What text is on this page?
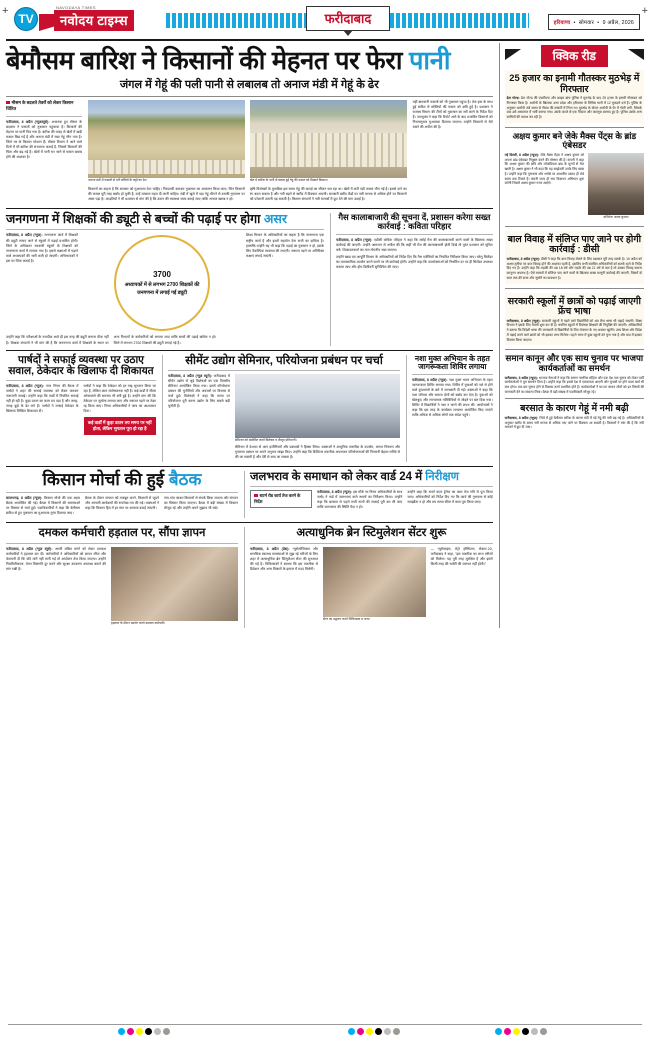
+	+
TV	नवोदय टाइम्स
NAVODAYA TIMES
फरीदाबाद	हरियाणा  •  सोमवार  •  9 अप्रैल, 2026
बेमौसम बारिश ने किसानों की मेहनत पर फेरा पानी
जंगल में गेहूं की पली पानी से लबालब तो अनाज मंडी में गेहूं के ढेर
मौसम के बदलते तेवरों को लेकर किसान चिंतित

फरीदाबाद, 8 अप्रैल (न्यूज़ब्यूरो): अचानक हुए मौसम के बदलाव ने फसलों को नुकसान पहुंचाया है। किसानों की मेहनत पर पानी फिर गया है। बारिश की वजह से खेतों में खड़ी फसल बिछ गई है और अनाज मंडी में रखा गेहूं भीग गया है। जिले भर के किसान परेशान हैं। मौसम विभाग ने आने वाले दिनों में भी बारिश की संभावना जताई है, जिससे किसानों की चिंता और बढ़ गई है। खेतों में पानी भर जाने से फसल खराब होने की आशंका है।

अनाज मंडी में फसलों से भरी बोरियों के कट्टों का ढेर।	खेत में बारिश के पानी से खराब हुई गेहूं की फसल को दिखाते किसान।

किसानों का कहना है कि सरकार को मुआवजा देना चाहिए। गिरदावरी कराकर नुकसान का आकलन किया जाए। जिन किसानों की फसल पूरी तरह बर्बाद हो चुकी है, उन्हें तत्काल राहत दी जानी चाहिए। मंडी में खुले में पड़ा गेहूं भीगने से उसकी गुणवत्ता पर असर पड़ा है। आढ़तियों ने भी प्रशासन से मांग की है कि उठान की व्यवस्था जल्द कराई जाए ताकि अनाज खराब न हो।

कृषि विशेषज्ञों के मुताबिक इस समय गेहूं की कटाई का सीजन चल रहा था। खेतों में कटी पड़ी फसल भीग गई है। इससे दाने का रंग बदल सकता है और नमी बढ़ने से खरीद में दिक्कत आएगी। सरकारी खरीद केंद्रों पर नमी मानक से अधिक होने पर किसानों को परेशानी उठानी पड़ सकती है। किसान संगठनों ने नमी मानकों में छूट देने की मांग उठाई है।

वहीं बागवानी फसलों को भी नुकसान पहुंचा है। तेज हवा के साथ हुई बारिश से सब्जियों की फसल को क्षति हुई है। प्रशासन ने राजस्व विभाग की टीमों को नुकसान का सर्वे करने के निर्देश दिए हैं। उपायुक्त ने कहा कि रिपोर्ट आने के बाद प्रभावित किसानों को नियमानुसार मुआवजा दिलाया जाएगा। उन्होंने किसानों से धैर्य रखने की अपील की है।

जनगणना में शिक्षकों की ड्यूटी से बच्चों की पढ़ाई पर होगा असर

फरीदाबाद, 8 अप्रैल (न्यूज़): जनगणना कार्य में शिक्षकों की ड्यूटी लगाए जाने से स्कूलों में पढ़ाई प्रभावित होगी। जिले के अधिकतर सरकारी स्कूलों के शिक्षकों को जनगणना कार्य में लगाया गया है। इससे कक्षाओं में पढ़ाने वाले अध्यापकों की भारी कमी हो जाएगी। अभिभावकों ने इस पर चिंता जताई है।

3700
अध्यापकों में से लगभग 2700 शिक्षकों की जनगणना में लगाई गई ड्यूटी

शिक्षा विभाग के अधिकारियों का कहना है कि जनगणना एक राष्ट्रीय कार्य है और इसमें सहयोग देना सभी का दायित्व है। हालांकि उन्होंने यह भी कहा कि पढ़ाई का नुकसान न हो, इसके लिए वैकल्पिक व्यवस्था की जाएगी। जरूरत पड़ने पर अतिरिक्त कक्षाएं लगाई जाएंगी।

उन्होंने कहा कि परीक्षाओं के नजदीक आते ही इस तरह की ड्यूटी लगाना ठीक नहीं है। शिक्षक संगठनों ने भी मांग की है कि जनगणना कार्य में शिक्षकों के स्थान पर अन्य विभागों के कर्मचारियों को लगाया जाए ताकि बच्चों की पढ़ाई बाधित न हो। जिले में लगभग 2700 शिक्षकों की ड्यूटी लगाई गई है।

गैस कालाबाजारी की सूचना दें, प्रशासन करेगा सख्त कार्रवाई : कविता परिहार

फरीदाबाद, 8 अप्रैल (न्यूज़): एडीसी कविता परिहार ने कहा कि रसोई गैस की कालाबाजारी करने वालों के खिलाफ सख्त कार्रवाई की जाएगी। उन्होंने आमजन से अपील की कि कहीं भी गैस की कालाबाजारी होती दिखे तो तुरंत प्रशासन को सूचित करें। शिकायतकर्ता का नाम गोपनीय रखा जाएगा।

उन्होंने खाद्य एवं आपूर्ति विभाग के अधिकारियों को निर्देश दिए कि गैस एजेंसियों का नियमित निरीक्षण किया जाए। घरेलू सिलेंडर का व्यावसायिक उपयोग करने वालों पर भी कार्रवाई होगी। उन्होंने कहा कि उपभोक्ताओं को निर्धारित दर पर ही सिलेंडर उपलब्ध कराया जाए और होम डिलीवरी सुनिश्चित की जाए।

पार्षदों ने सफाई व्यवस्था पर उठाए सवाल, ठेकेदार के खिलाफ दी शिकायत

फरीदाबाद, 8 अप्रैल (न्यूज़): नगर निगम की बैठक में पार्षदों ने शहर की सफाई व्यवस्था को लेकर जमकर नाराजगी जताई। उन्होंने कहा कि वार्डों में नियमित सफाई नहीं हो रही है। कूड़ा उठान का काम ठप पड़ा है और जगह-जगह कूड़े के ढेर लगे हैं। पार्षदों ने सफाई ठेकेदार के खिलाफ लिखित शिकायत दी।

पार्षदों ने कहा कि ठेकेदार को हर माह भुगतान किया जा रहा है, लेकिन काम संतोषजनक नहीं है। कई वार्डों में सीवर ओवरफ्लो की समस्या भी बनी हुई है। उन्होंने मांग की कि ठेकेदार पर जुर्माना लगाया जाए और जरूरत पड़ने पर ठेका रद्द किया जाए। निगम अधिकारियों ने जांच का आश्वासन दिया।

कई वार्डों में कूड़ा उठान तय समय पर नहीं होता, लेकिन भुगतान पूरा हो रहा है
सीमेंट उद्योग सेमिनार, परियोजना प्रबंधन पर चर्चा

फरीदाबाद, 8 अप्रैल (न्यूज़ ब्यूरो): फरीदाबाद में सीमेंट उद्योग से जुड़े विशेषज्ञों का एक दिवसीय सेमिनार आयोजित किया गया। इसमें परियोजना प्रबंधन की चुनौतियों और अवसरों पर विस्तार से चर्चा हुई। विशेषज्ञों ने कहा कि समय पर परियोजना पूरी करना उद्योग के लिए सबसे बड़ी चुनौती है।

सेमिनार को संबोधित करते विशेषज्ञ व मौजूद प्रतिभागी।

सेमिनार में देशभर से आए इंजीनियरों और प्रबंधकों ने हिस्सा लिया। वक्ताओं ने आधुनिक तकनीक के उपयोग, लागत नियंत्रण और गुणवत्ता प्रबंधन पर अपने अनुभव साझा किए। उन्होंने कहा कि डिजिटल तकनीक अपनाकर परियोजनाओं की निगरानी बेहतर तरीके से की जा सकती है और देरी से बचा जा सकता है।

नशा मुक्त अभियान के तहत जागरूकता शिविर लगाया

फरीदाबाद, 8 अप्रैल (न्यूज़): नशा मुक्त भारत अभियान के तहत जागरूकता शिविर लगाया गया। शिविर में युवाओं को नशे से होने वाले दुष्प्रभावों के बारे में जानकारी दी गई। वक्ताओं ने कहा कि नशा परिवार और समाज दोनों को बर्बाद कर देता है। युवाओं को खेलकूद और रचनात्मक गतिविधियों से जोड़ने पर बल दिया गया। शिविर में विद्यार्थियों ने नशा न करने की शपथ ली। आयोजकों ने कहा कि इस तरह के कार्यक्रम लगातार आयोजित किए जाएंगे ताकि अधिक से अधिक लोगों तक संदेश पहुंचे।

किसान मोर्चा की हुई बैठक

बल्लभगढ़, 8 अप्रैल (न्यूज़): किसान मोर्चा की एक अहम बैठक आयोजित की गई। बैठक में किसानों की समस्याओं पर विस्तार से चर्चा हुई। पदाधिकारियों ने कहा कि बेमौसम बारिश से हुए नुकसान का मुआवजा तुरंत दिलाया जाए।

बैठक के दौरान संगठन को मजबूत करने, किसानों से जुड़ने और आगामी कार्यक्रमों की रूपरेखा तय की गई। वक्ताओं ने कहा कि किसान हित में हर स्तर पर आवाज उठाई जाएगी।

गांव-गांव जाकर किसानों से संपर्क किया जाएगा और संगठन का विस्तार किया जाएगा। बैठक में बड़ी संख्या में किसान मौजूद रहे और उन्होंने अपने सुझाव भी रखे।

जलभराव के समाधान को लेकर वार्ड 24 में निरीक्षण
स्टार्म रोड कार्य तेज करने के निर्देश

फरीदाबाद, 8 अप्रैल (न्यूज़): इस मौके पर निगम अधिकारियों के साथ पार्षद ने वार्ड में जलभराव वाले स्थानों का निरीक्षण किया। उन्होंने कहा कि बरसात से पहले सभी नालों की सफाई पूरी कर ली जाए ताकि जलभराव की स्थिति पैदा न हो।

उन्होंने कहा कि स्टार्म वाटर ड्रेनेज का काम तेज गति से पूरा किया जाए। अधिकारियों को निर्देश दिए गए कि कार्य की गुणवत्ता से कोई समझौता न हो और तय समय सीमा में काम पूरा किया जाए।

दमकल कर्मचारी हड़ताल पर, सौंपा ज्ञापन

फरीदाबाद, 8 अप्रैल (न्यूज़ ब्यूरो): अपनी लंबित मांगों को लेकर दमकल कर्मचारियों ने हड़ताल कर दी। कर्मचारियों ने अधिकारियों को ज्ञापन सौंपा और चेतावनी दी कि यदि मांगें नहीं मानी गईं तो आंदोलन तेज किया जाएगा। उन्होंने नियमितीकरण, वेतन विसंगति दूर करने और सुरक्षा उपकरण उपलब्ध कराने की मांग रखी है।

हड़ताल के दौरान प्रदर्शन करते दमकल कर्मचारी।
अत्याधुनिक ब्रेन स्टिमुलेशन सेंटर शुरू

फरीदाबाद, 8 अप्रैल (प्रेस): न्यूरोलॉजिकल और मानसिक स्वास्थ्य समस्याओं से जूझ रहे मरीजों के लिए शहर में अत्याधुनिक ब्रेन स्टिमुलेशन सेंटर की शुरुआत की गई है। चिकित्सकों ने बताया कि इस तकनीक से डिप्रेशन और अन्य विकारों के इलाज में मदद मिलेगी।

सेंटर का उद्घाटन करते चिकित्सक व अन्य।

— न्यूरोसाइंस, मेट्रो हॉस्पिटल, सेक्टर-20, फरीदाबाद ने कहा, "इस तकनीक का लाभ मरीजों को मिलेगा। यह पूरी तरह सुरक्षित है और इसमें किसी तरह की सर्जरी की जरूरत नहीं होती।"

क्विक रीड
25 हजार का इनामी गौतस्कर मुठभेड़ में गिरफ्तार

डेटा गोल्ड: डेटा गोल्ड की एसटीएफ और क्राइम ब्रांच पुलिस ने मुठभेड़ के बाद 25 हजार के इनामी गौतस्कर को गिरफ्तार किया है। आरोपी के खिलाफ उत्तर प्रदेश और हरियाणा के विभिन्न थानों में 12 मुकदमे दर्ज हैं। पुलिस के अनुसार आरोपी लंबे समय से गौवंश की तस्करी में लिप्त था। मुठभेड़ के दौरान आरोपी के पैर में गोली लगी, जिसके बाद उसे अस्पताल में भर्ती कराया गया। उसके कब्जे से एक पिस्टल और कारतूस बरामद हुए हैं। पुलिस उसके अन्य साथियों की तलाश कर रही है।

अक्षय कुमार बने जेके मैक्स पेंट्स के ब्रांड एंबेसडर

नई दिल्ली, 8 अप्रैल (न्यूज़): जेके मैक्स पेंट्स ने अक्षय कुमार को अपना ब्रांड एंबेसडर नियुक्त करने की घोषणा की है। कंपनी ने कहा कि अक्षय कुमार की छवि और लोकप्रियता ब्रांड के मूल्यों से मेल खाती है। अक्षय कुमार ने भी कहा कि यह साझेदारी उनके लिए खास है। उन्होंने कहा कि गुणवत्ता और भरोसे पर आधारित उत्पाद ही लंबे समय तक टिकते हैं। कंपनी जल्द ही नया विज्ञापन अभियान शुरू करेगी जिसमें अक्षय कुमार नजर आएंगे।

अभिनेता अक्षय कुमार।
बाल विवाह में संलिप्त पाए जाने पर होगी कार्रवाई : डीसी

फरीदाबाद, 8 अप्रैल (न्यूज़): डीसी ने कहा कि बाल विवाह रोकने के लिए प्रशासन पूरी तरह सतर्क है। 19 अप्रैल को अक्षय तृतीया पर बाल विवाह होने की आशंका रहती है, इसलिए सभी संबंधित अधिकारियों को सतर्क रहने के निर्देश दिए गए हैं। उन्होंने कहा कि लड़की की उम्र 18 वर्ष और लड़के की उम्र 21 वर्ष से कम है तो उसका विवाह कराना कानूनन अपराध है। ऐसे मामलों में संलिप्त पाए जाने वालों के खिलाफ सख्त कानूनी कार्रवाई की जाएगी, जिसमें दो साल तक की सजा और जुर्माने का प्रावधान है।

सरकारी स्कूलों में छात्रों को पढ़ाई जाएगी फ्रेंच भाषा

फरीदाबाद, 8 अप्रैल (न्यूज़): सरकारी स्कूलों में पढ़ने वाले विद्यार्थियों को अब फ्रेंच भाषा भी पढ़ाई जाएगी। शिक्षा विभाग ने इसके लिए तैयारी शुरू कर दी है। चयनित स्कूलों में विशेषज्ञ शिक्षकों की नियुक्ति की जाएगी। अधिकारियों ने बताया कि विदेशी भाषा की जानकारी से विद्यार्थियों के लिए रोजगार के नए अवसर खुलेंगे। उच्च शिक्षा और विदेश में पढ़ाई करने वाले छात्रों को भी इसका लाभ मिलेगा। पहले चरण में कुछ स्कूलों को चुना गया है और बाद में इसका विस्तार किया जाएगा।

समान कानून और एक साथ चुनाव पर भाजपा कार्यकर्ताओं का समर्थन

फरीदाबाद, 8 अप्रैल (न्यूज़): भाजपा नेताओं ने कहा कि समान नागरिक संहिता और एक देश एक चुनाव को लेकर पार्टी कार्यकर्ताओं ने पूरा समर्थन दिया है। उन्होंने कहा कि इससे देश में एकरूपता आएगी और चुनावों पर होने वाला खर्च भी कम होगा। बार-बार चुनाव होने से विकास कार्य प्रभावित होते हैं। कार्यकर्ताओं ने घर-घर जाकर लोगों को इन विषयों की जानकारी देने का संकल्प लिया। बैठक में बड़ी संख्या में पदाधिकारी मौजूद रहे।

बरसात के कारण गेहूं में नमी बढ़ी

फरीदाबाद, 8 अप्रैल (न्यूज़): जिले में हुई बेमौसम बारिश के कारण मंडी में पड़े गेहूं की नमी बढ़ गई है। अधिकारियों के अनुसार खरीद के समय नमी मानक से अधिक पाए जाने पर दिक्कत आ सकती है। किसानों ने मांग की है कि नमी मानकों में छूट दी जाए।
